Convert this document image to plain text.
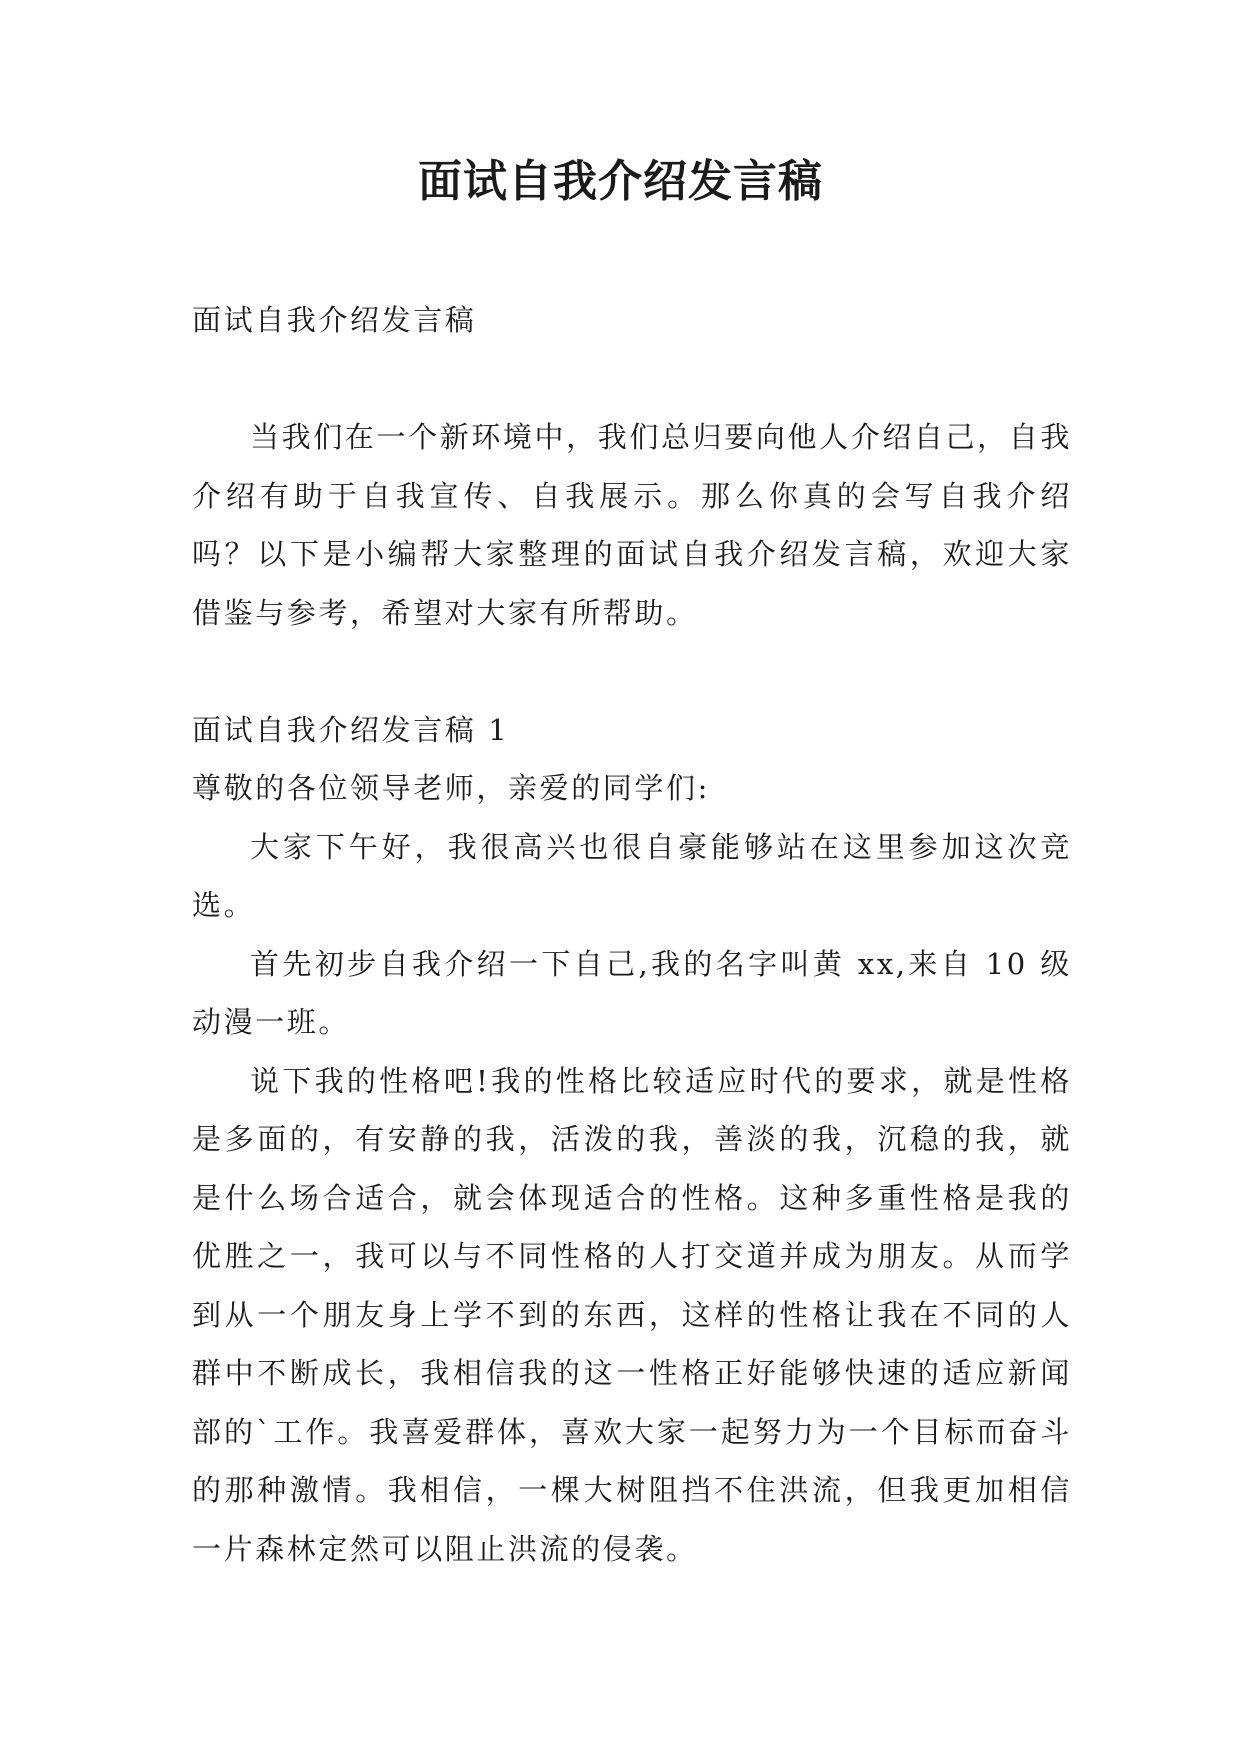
面试自我介绍发言稿

面试自我介绍发言稿

当我们在一个新环境中，我们总归要向他人介绍自己，自我介绍有助于自我宣传、自我展示。那么你真的会写自我介绍吗？以下是小编帮大家整理的面试自我介绍发言稿，欢迎大家借鉴与参考，希望对大家有所帮助。

面试自我介绍发言稿 1

尊敬的各位领导老师，亲爱的同学们:

大家下午好，我很高兴也很自豪能够站在这里参加这次竞选。

首先初步自我介绍一下自己,我的名字叫黄 xx,来自 10 级动漫一班。

说下我的性格吧!我的性格比较适应时代的要求，就是性格是多面的，有安静的我，活泼的我，善淡的我，沉稳的我，就是什么场合适合，就会体现适合的性格。这种多重性格是我的优胜之一，我可以与不同性格的人打交道并成为朋友。从而学到从一个朋友身上学不到的东西，这样的性格让我在不同的人群中不断成长，我相信我的这一性格正好能够快速的适应新闻部的`工作。我喜爱群体，喜欢大家一起努力为一个目标而奋斗的那种激情。我相信，一棵大树阻挡不住洪流，但我更加相信一片森林定然可以阻止洪流的侵袭。
